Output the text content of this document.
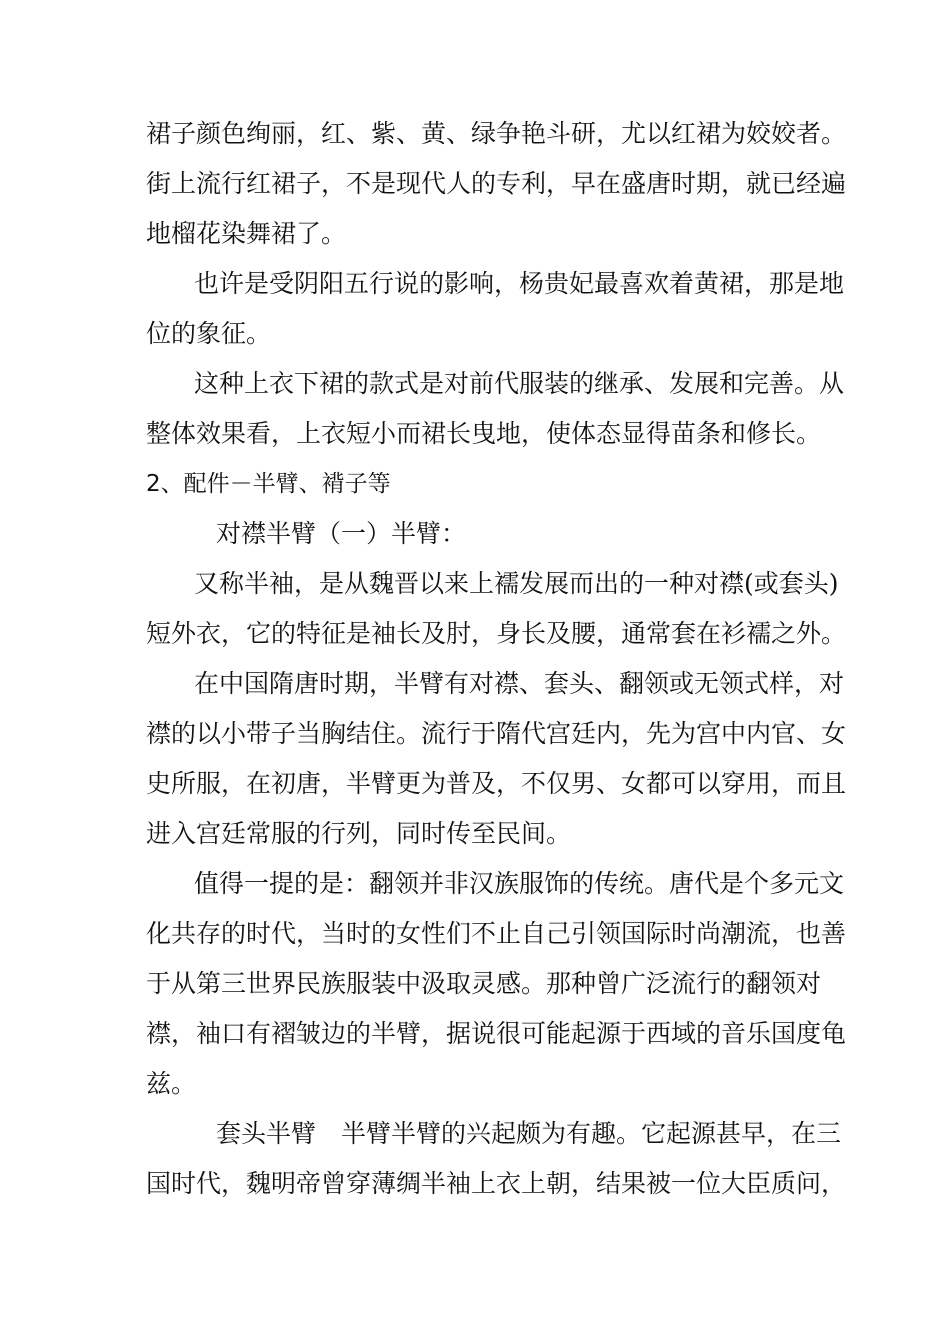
裙子颜色绚丽，红、紫、黄、绿争艳斗研，尤以红裙为姣姣者。
街上流行红裙子，不是现代人的专利，早在盛唐时期，就已经遍
地榴花染舞裙了。
也许是受阴阳五行说的影响，杨贵妃最喜欢着黄裙，那是地
位的象征。
这种上衣下裙的款式是对前代服装的继承、发展和完善。从
整体效果看，上衣短小而裙长曳地，使体态显得苗条和修长。
2、配件－半臂、褙子等
对襟半臂（一）半臂：
又称半袖，是从魏晋以来上襦发展而出的一种对襟(或套头)
短外衣，它的特征是袖长及肘，身长及腰，通常套在衫襦之外。
在中国隋唐时期，半臂有对襟、套头、翻领或无领式样，对
襟的以小带子当胸结住。流行于隋代宫廷内，先为宫中内官、女
史所服，在初唐，半臂更为普及，不仅男、女都可以穿用，而且
进入宫廷常服的行列，同时传至民间。
值得一提的是：翻领并非汉族服饰的传统。唐代是个多元文
化共存的时代，当时的女性们不止自己引领国际时尚潮流，也善
于从第三世界民族服装中汲取灵感。那种曾广泛流行的翻领对
襟，袖口有褶皱边的半臂，据说很可能起源于西域的音乐国度龟
兹。
套头半臂　半臂半臂的兴起颇为有趣。它起源甚早，在三
国时代，魏明帝曾穿薄绸半袖上衣上朝，结果被一位大臣质问，
